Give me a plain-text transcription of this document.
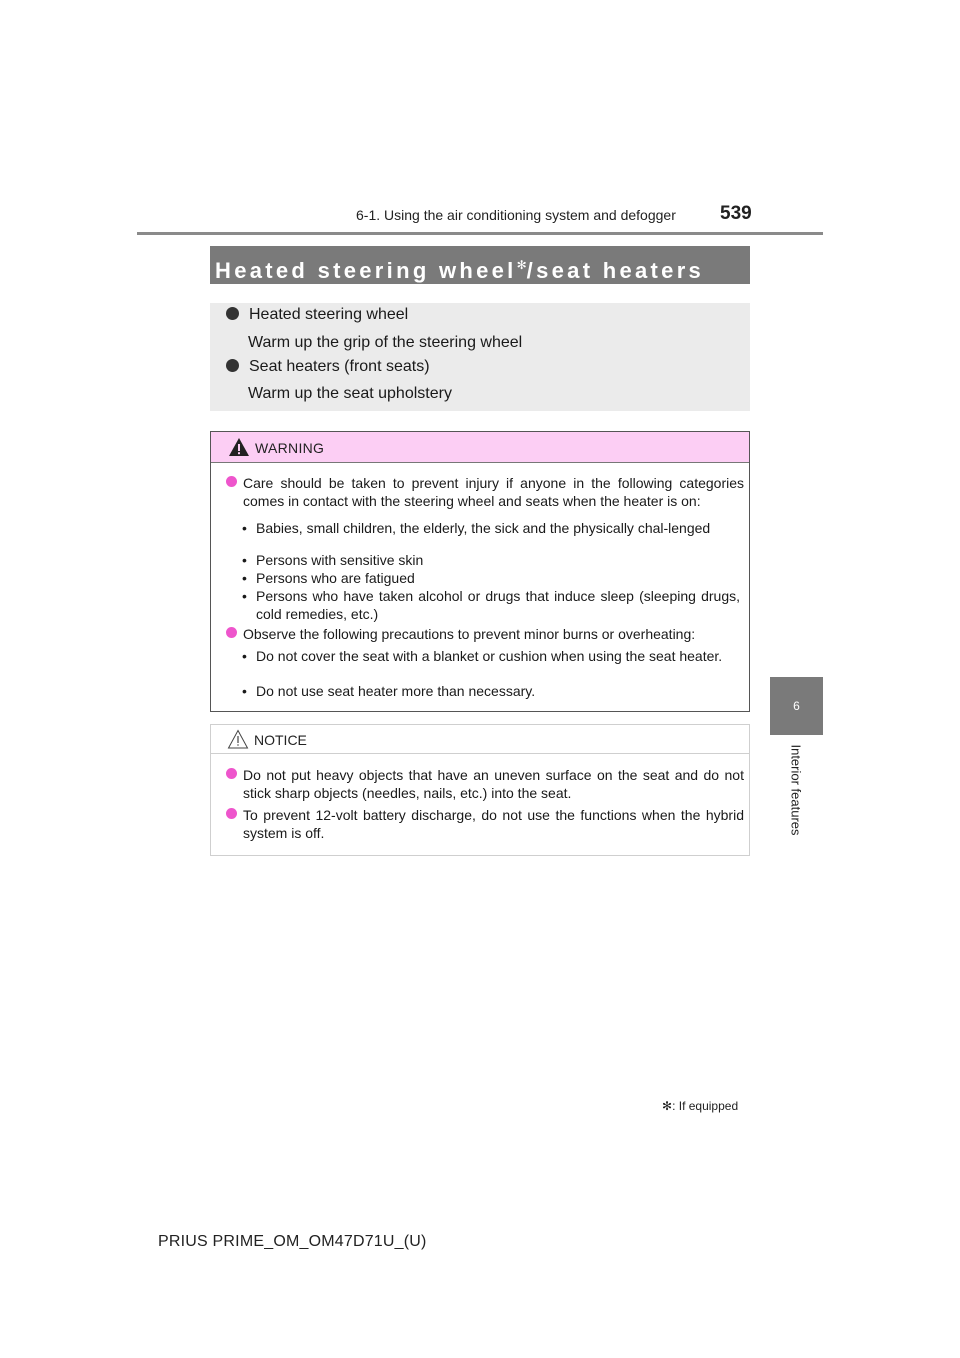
6-1. Using the air conditioning system and defogger 539
6
Interior features
Heated steering wheel✻/seat heaters
Heated steering wheel
Warm up the grip of the steering wheel
Seat heaters (front seats)
Warm up the seat upholstery
WARNING
Care should be taken to prevent injury if anyone in the following categories comes in contact with the steering wheel and seats when the heater is on:
• Babies, small children, the elderly, the sick and the physically chal-lenged
• Persons with sensitive skin
• Persons who are fatigued
• Persons who have taken alcohol or drugs that induce sleep (sleeping drugs, cold remedies, etc.)
Observe the following precautions to prevent minor burns or overheating:
• Do not cover the seat with a blanket or cushion when using the seat heater.
• Do not use seat heater more than necessary.
NOTICE
Do not put heavy objects that have an uneven surface on the seat and do not stick sharp objects (needles, nails, etc.) into the seat.
To prevent 12-volt battery discharge, do not use the functions when the hybrid system is off.
✻: If equipped
PRIUS PRIME_OM_OM47D71U_(U)
